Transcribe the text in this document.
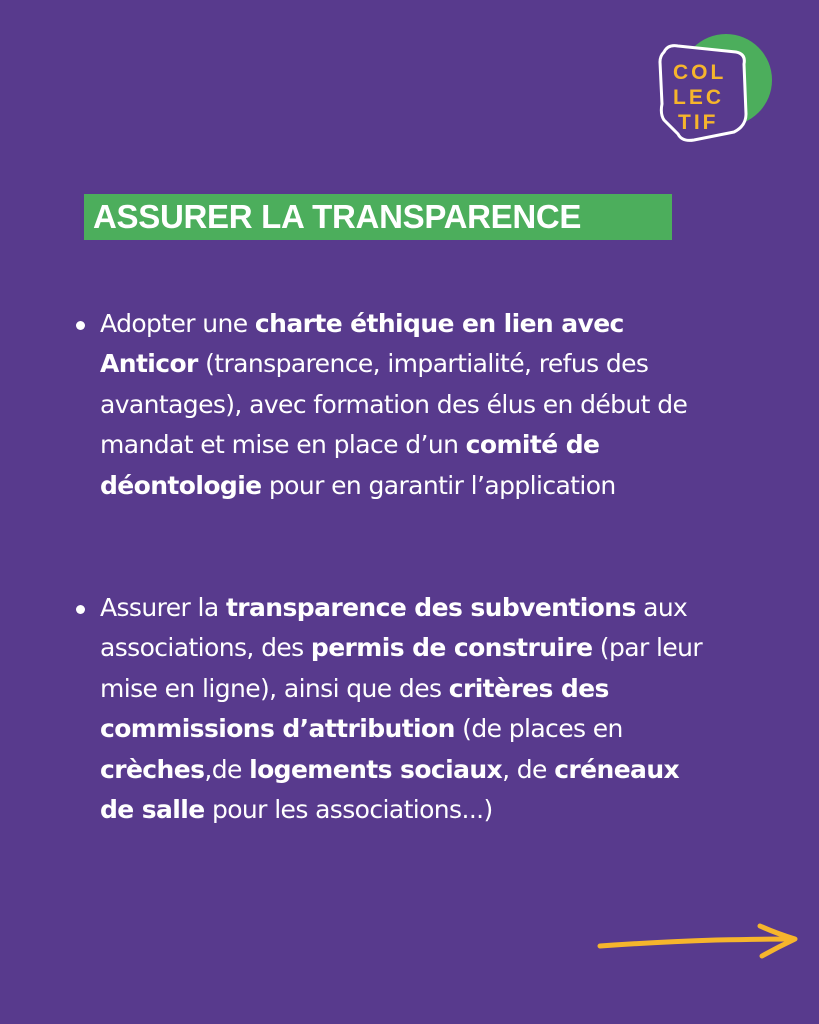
COL
LEC
TIF
ASSURER LA TRANSPARENCE
Adopter une charte éthique en lien avec Anticor (transparence, impartialité, refus des avantages), avec formation des élus en début de mandat et mise en place d’un comité de déontologie pour en garantir l’application
Assurer la transparence des subventions aux associations, des permis de construire (par leur mise en ligne), ainsi que des critères des commissions d’attribution (de places en crèches,de logements sociaux, de créneaux de salle pour les associations...)
